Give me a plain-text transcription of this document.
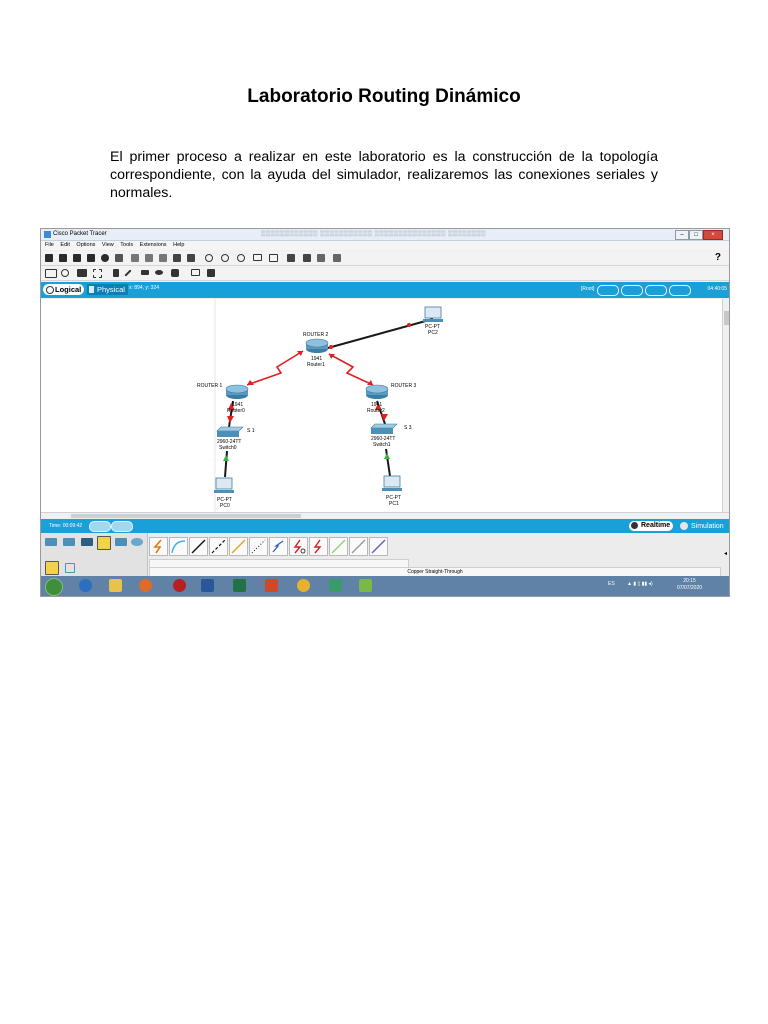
Laboratorio Routing Dinámico
El primer proceso a realizar en este laboratorio es la construcción de la topología correspondiente, con la ayuda del simulador, realizaremos las conexiones seriales y normales.
Cisco Packet Tracer	▒▒▒▒▒▒▒▒▒▒▒▒ ▒▒▒▒▒▒▒▒▒▒▒ ▒▒▒▒▒▒▒▒▒▒▒▒▒▒▒ ▒▒▒▒▒▒▒▒	–	□	×
File Edit Options View Tools Extensions Help
?
Logical	Physical x: 894, y: 324	[Root]	04:40:05
ROUTER 2
1941
Router1
ROUTER 1
1941
Router0
ROUTER 3
1941
Router2
S 1
2960-24TT
Switch0
S 3
2960-24TT
Switch1
PC-PT
PC0
PC-PT
PC1
PC-PT
PC2
Time: 00:09:42	Realtime	Simulation
◂
Copper Straight-Through
ES ▲ ▮ ▯ ▮▮ ◂)	20:15
07/07/2020
